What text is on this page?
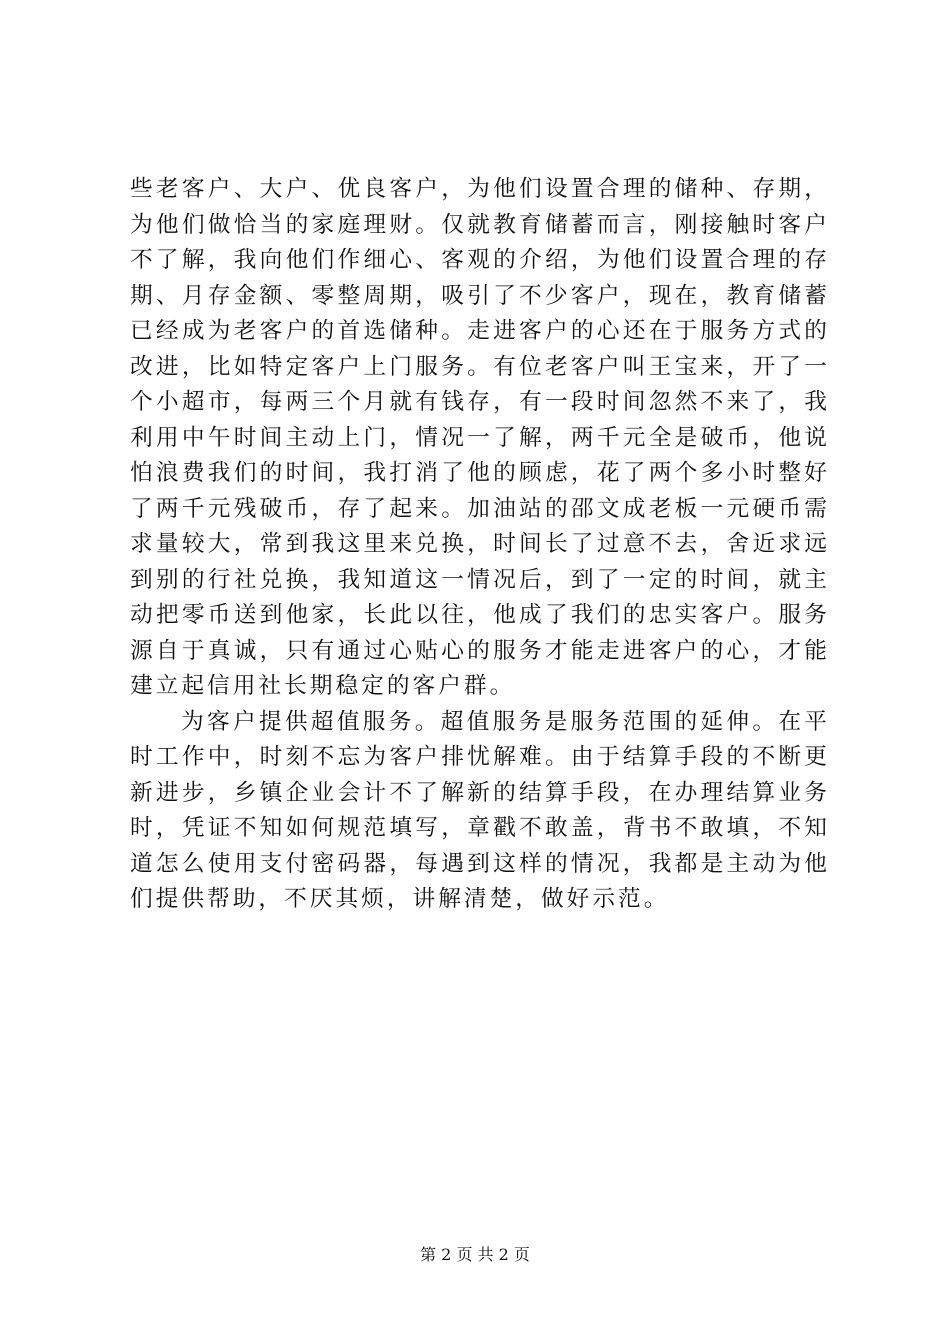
些老客户、大户、优良客户，为他们设置合理的储种、存期，为他们做恰当的家庭理财。仅就教育储蓄而言，刚接触时客户不了解，我向他们作细心、客观的介绍，为他们设置合理的存期、月存金额、零整周期，吸引了不少客户，现在，教育储蓄已经成为老客户的首选储种。走进客户的心还在于服务方式的改进，比如特定客户上门服务。有位老客户叫王宝来，开了一个小超市，每两三个月就有钱存，有一段时间忽然不来了，我利用中午时间主动上门，情况一了解，两千元全是破币，他说怕浪费我们的时间，我打消了他的顾虑，花了两个多小时整好了两千元残破币，存了起来。加油站的邵文成老板一元硬币需求量较大，常到我这里来兑换，时间长了过意不去，舍近求远到别的行社兑换，我知道这一情况后，到了一定的时间，就主动把零币送到他家，长此以往，他成了我们的忠实客户。服务源自于真诚，只有通过心贴心的服务才能走进客户的心，才能建立起信用社长期稳定的客户群。

为客户提供超值服务。超值服务是服务范围的延伸。在平时工作中，时刻不忘为客户排忧解难。由于结算手段的不断更新进步，乡镇企业会计不了解新的结算手段，在办理结算业务时，凭证不知如何规范填写，章戳不敢盖，背书不敢填，不知道怎么使用支付密码器，每遇到这样的情况，我都是主动为他们提供帮助，不厌其烦，讲解清楚，做好示范。

第 2 页 共 2 页
